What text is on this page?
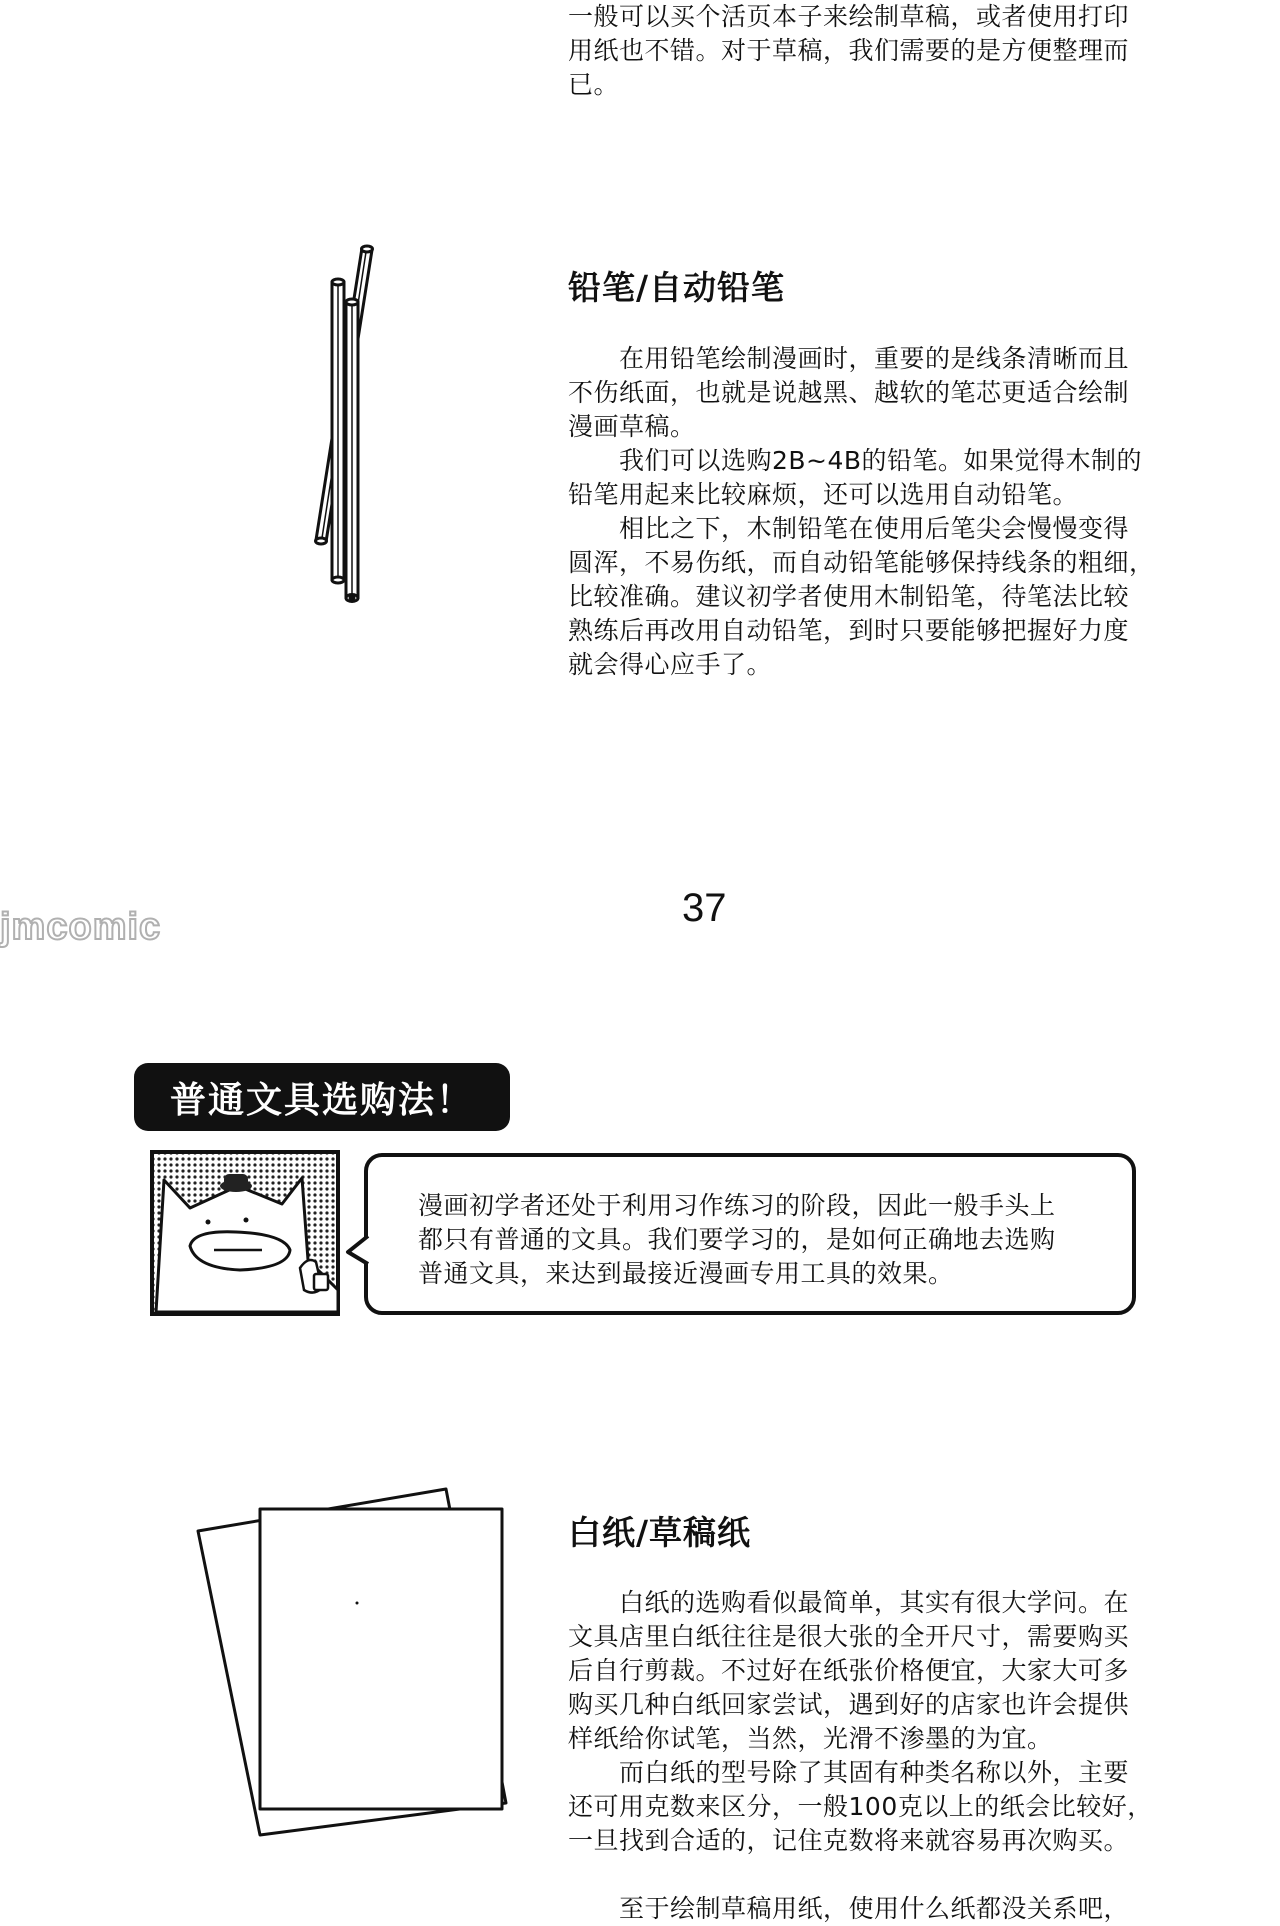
一般可以买个活页本子来绘制草稿，或者使用打印

用纸也不错。对于草稿，我们需要的是方便整理而

已。

铅笔/自动铅笔

　　在用铅笔绘制漫画时，重要的是线条清晰而且

不伤纸面，也就是说越黑、越软的笔芯更适合绘制

漫画草稿。

　　我们可以选购2B~4B的铅笔。如果觉得木制的

铅笔用起来比较麻烦，还可以选用自动铅笔。

　　相比之下，木制铅笔在使用后笔尖会慢慢变得

圆浑，不易伤纸，而自动铅笔能够保持线条的粗细，

比较准确。建议初学者使用木制铅笔，待笔法比较

熟练后再改用自动铅笔，到时只要能够把握好力度

就会得心应手了。

jmcomic	37
普通文具选购法！

漫画初学者还处于利用习作练习的阶段，因此一般手头上

都只有普通的文具。我们要学习的，是如何正确地去选购

普通文具，来达到最接近漫画专用工具的效果。

白纸/草稿纸

　　白纸的选购看似最简单，其实有很大学问。在

文具店里白纸往往是很大张的全开尺寸，需要购买

后自行剪裁。不过好在纸张价格便宜，大家大可多

购买几种白纸回家尝试，遇到好的店家也许会提供

样纸给你试笔，当然，光滑不渗墨的为宜。

　　而白纸的型号除了其固有种类名称以外，主要

还可用克数来区分，一般100克以上的纸会比较好，

一旦找到合适的，记住克数将来就容易再次购买。

　　至于绘制草稿用纸，使用什么纸都没关系吧，
